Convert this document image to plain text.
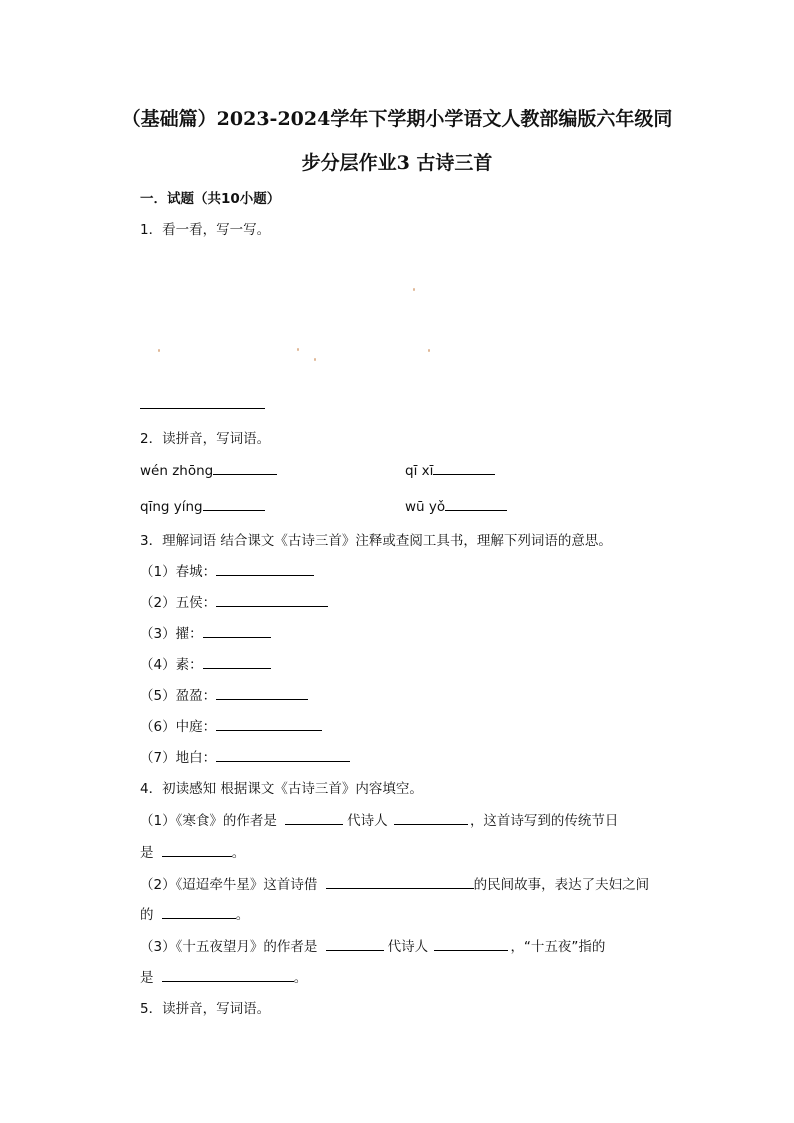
（基础篇）2023-2024学年下学期小学语文人教部编版六年级同
步分层作业3 古诗三首
一．试题（共10小题）
1．看一看，写一写。
2．读拼音，写词语。
wén zhōng	qī xī
qīng yíng	wū yǒ
3．理解词语 结合课文《古诗三首》注释或查阅工具书，理解下列词语的意思。
（1）春城：
（2）五侯：
（3）擢：
（4）素：
（5）盈盈：
（6）中庭：
（7）地白：
4．初读感知 根据课文《古诗三首》内容填空。
（1）《寒食》的作者是	代诗人	，这首诗写到的传统节日
是	。
（2）《迢迢牵牛星》这首诗借	的民间故事，表达了夫妇之间
的	。
（3）《十五夜望月》的作者是	代诗人	，“十五夜”指的
是	。
5．读拼音，写词语。
